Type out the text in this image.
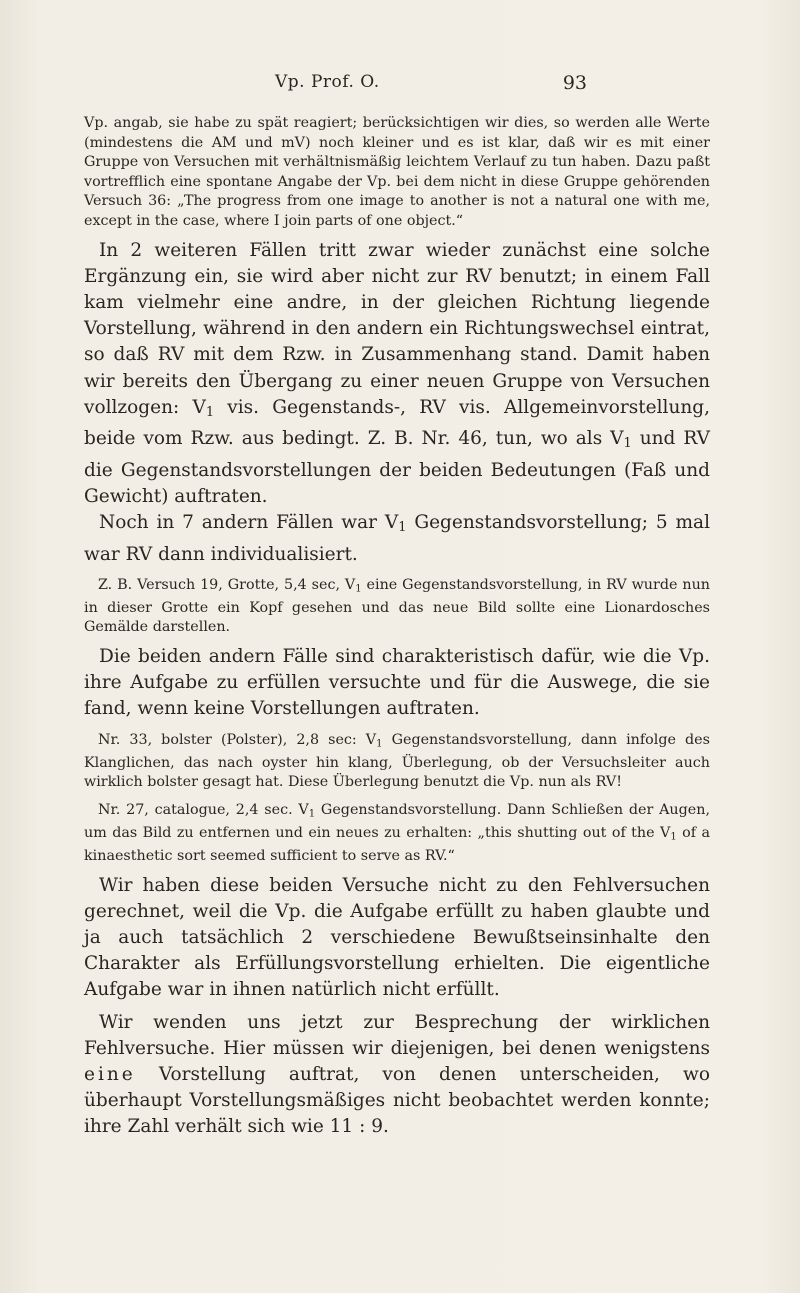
Vp. Prof. O.	93

Vp. angab, sie habe zu spät reagiert; berücksichtigen wir dies, so werden alle Werte (mindestens die AM und mV) noch kleiner und es ist klar, daß wir es mit einer Gruppe von Versuchen mit verhältnismäßig leichtem Verlauf zu tun haben. Dazu paßt vortrefflich eine spontane Angabe der Vp. bei dem nicht in diese Gruppe gehörenden Versuch 36: „The progress from one image to another is not a natural one with me, except in the case, where I join parts of one object.“

In 2 weiteren Fällen tritt zwar wieder zunächst eine solche Ergänzung ein, sie wird aber nicht zur RV benutzt; in einem Fall kam vielmehr eine andre, in der gleichen Richtung liegende Vorstellung, während in den andern ein Richtungswechsel eintrat, so daß RV mit dem Rzw. in Zusammenhang stand. Damit haben wir bereits den Übergang zu einer neuen Gruppe von Versuchen vollzogen: $V_1$ vis. Gegenstands-, RV vis. Allgemeinvorstellung, beide vom Rzw. aus bedingt. Z. B. Nr. 46, tun, wo als $V_1$ und RV die Gegenstandsvorstellungen der beiden Bedeutungen (Faß und Gewicht) auftraten.

Noch in 7 andern Fällen war $V_1$ Gegenstandsvorstellung; 5 mal war RV dann individualisiert.

Z. B. Versuch 19, Grotte, 5,4 sec, $V_1$ eine Gegenstandsvorstellung, in RV wurde nun in dieser Grotte ein Kopf gesehen und das neue Bild sollte eine Lionardosches Gemälde darstellen.

Die beiden andern Fälle sind charakteristisch dafür, wie die Vp. ihre Aufgabe zu erfüllen versuchte und für die Auswege, die sie fand, wenn keine Vorstellungen auftraten.

Nr. 33, bolster (Polster), 2,8 sec: $V_1$ Gegenstandsvorstellung, dann infolge des Klanglichen, das nach oyster hin klang, Überlegung, ob der Versuchsleiter auch wirklich bolster gesagt hat. Diese Überlegung benutzt die Vp. nun als RV!

Nr. 27, catalogue, 2,4 sec. $V_1$ Gegenstandsvorstellung. Dann Schließen der Augen, um das Bild zu entfernen und ein neues zu erhalten: „this shutting out of the $V_1$ of a kinaesthetic sort seemed sufficient to serve as RV.“

Wir haben diese beiden Versuche nicht zu den Fehlversuchen gerechnet, weil die Vp. die Aufgabe erfüllt zu haben glaubte und ja auch tatsächlich 2 verschiedene Bewußtseinsinhalte den Charakter als Erfüllungsvorstellung erhielten. Die eigentliche Aufgabe war in ihnen natürlich nicht erfüllt.

Wir wenden uns jetzt zur Besprechung der wirklichen Fehlversuche. Hier müssen wir diejenigen, bei denen wenigstens eine Vorstellung auftrat, von denen unterscheiden, wo überhaupt Vorstellungsmäßiges nicht beobachtet werden konnte; ihre Zahl verhält sich wie 11 : 9.
